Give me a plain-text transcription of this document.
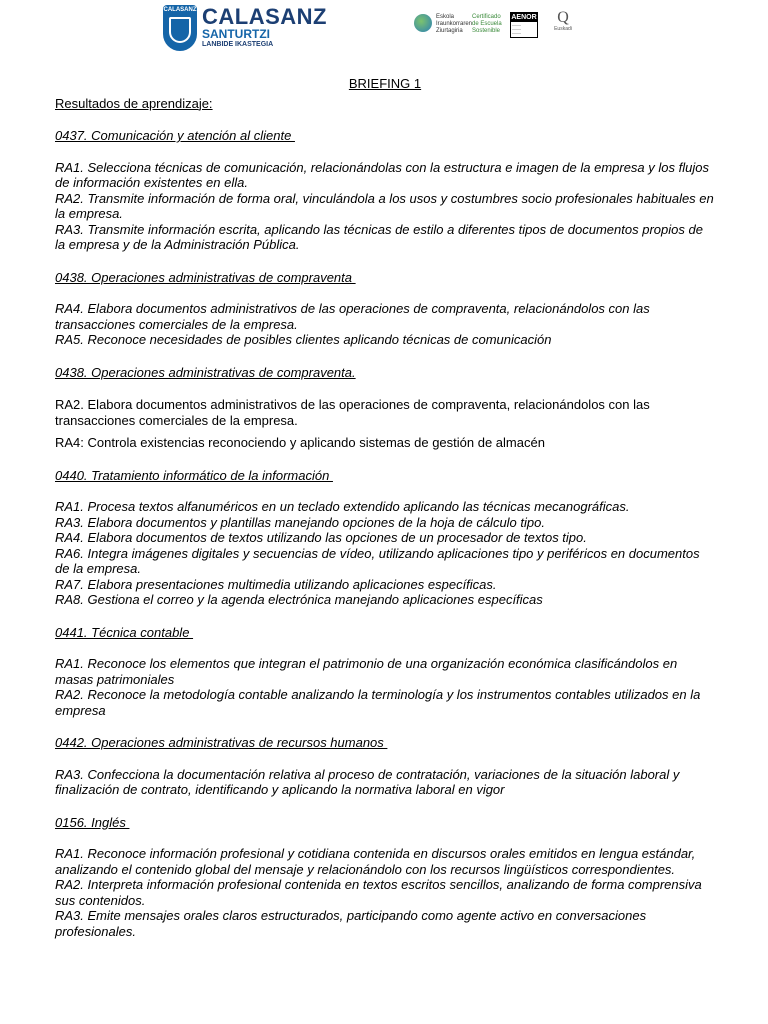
CALASANZ CALASANZ
SANTURTZI
LANBIDE IKASTEGIA
Eskola
Iraunkorraren
Ziurtagiria
Certificado
de Escuela
Sostenible
AENOR
———
———
———
Q
Euskadi

BRIEFING 1

Resultados de aprendizaje:

0437. Comunicación y atención al cliente

RA1. Selecciona técnicas de comunicación, relacionándolas con la estructura e imagen de la empresa y los flujos de información existentes en ella.

RA2. Transmite información de forma oral, vinculándola a los usos y costumbres socio profesionales habituales en la empresa.

RA3. Transmite información escrita, aplicando las técnicas de estilo a diferentes tipos de documentos propios de la empresa y de la Administración Pública.

0438. Operaciones administrativas de compraventa

RA4. Elabora documentos administrativos de las operaciones de compraventa, relacionándolos con las transacciones comerciales de la empresa.

RA5. Reconoce necesidades de posibles clientes aplicando técnicas de comunicación

0438. Operaciones administrativas de compraventa.

RA2. Elabora documentos administrativos de las operaciones de compraventa, relacionándolos con las transacciones comerciales de la empresa.

RA4: Controla existencias reconociendo y aplicando sistemas de gestión de almacén

0440. Tratamiento informático de la información

RA1. Procesa textos alfanuméricos en un teclado extendido aplicando las técnicas mecanográficas.

RA3. Elabora documentos y plantillas manejando opciones de la hoja de cálculo tipo.

RA4. Elabora documentos de textos utilizando las opciones de un procesador de textos tipo.

RA6. Integra imágenes digitales y secuencias de vídeo, utilizando aplicaciones tipo y periféricos en documentos de la empresa.

RA7. Elabora presentaciones multimedia utilizando aplicaciones específicas.

RA8. Gestiona el correo y la agenda electrónica manejando aplicaciones específicas

0441. Técnica contable

RA1. Reconoce los elementos que integran el patrimonio de una organización económica clasificándolos en masas patrimoniales

RA2. Reconoce la metodología contable analizando la terminología y los instrumentos contables utilizados en la empresa

0442. Operaciones administrativas de recursos humanos

RA3. Confecciona la documentación relativa al proceso de contratación, variaciones de la situación laboral y finalización de contrato, identificando y aplicando la normativa laboral en vigor

0156. Inglés

RA1. Reconoce información profesional y cotidiana contenida en discursos orales emitidos en lengua estándar, analizando el contenido global del mensaje y relacionándolo con los recursos lingüísticos correspondientes.

RA2. Interpreta información profesional contenida en textos escritos sencillos, analizando de forma comprensiva sus contenidos.

RA3. Emite mensajes orales claros estructurados, participando como agente activo en conversaciones profesionales.
